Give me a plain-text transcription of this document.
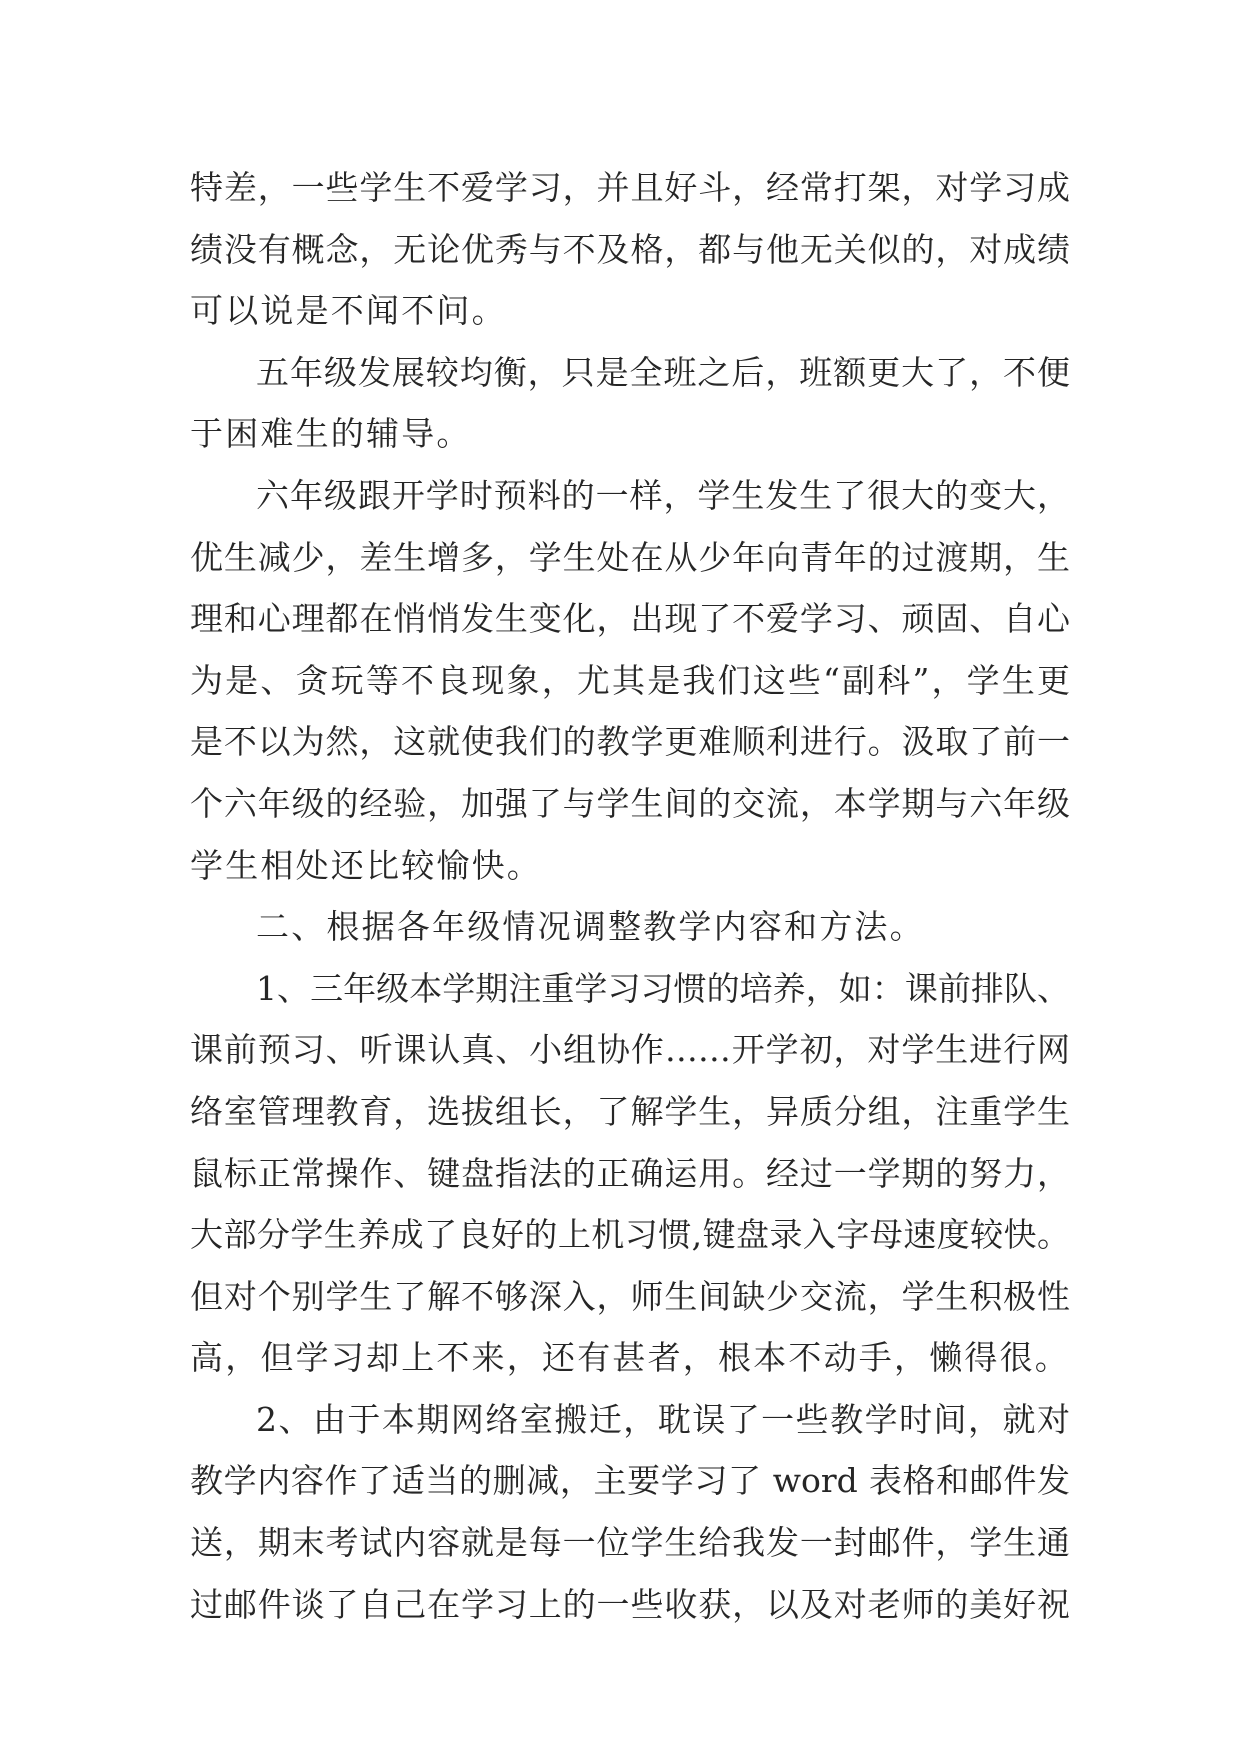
特差，一些学生不爱学习，并且好斗，经常打架，对学习成
绩没有概念，无论优秀与不及格，都与他无关似的，对成绩
可以说是不闻不问。
五年级发展较均衡，只是全班之后，班额更大了，不便
于困难生的辅导。
六年级跟开学时预料的一样，学生发生了很大的变大，
优生减少，差生增多，学生处在从少年向青年的过渡期，生
理和心理都在悄悄发生变化，出现了不爱学习、顽固、自心
为是、贪玩等不良现象，尤其是我们这些“副科”，学生更
是不以为然，这就使我们的教学更难顺利进行。汲取了前一
个六年级的经验，加强了与学生间的交流，本学期与六年级
学生相处还比较愉快。
二、根据各年级情况调整教学内容和方法。
1、三年级本学期注重学习习惯的培养，如：课前排队、
课前预习、听课认真、小组协作……开学初，对学生进行网
络室管理教育，选拔组长，了解学生，异质分组，注重学生
鼠标正常操作、键盘指法的正确运用。经过一学期的努力，
大部分学生养成了良好的上机习惯,键盘录入字母速度较快。
但对个别学生了解不够深入，师生间缺少交流，学生积极性
高，但学习却上不来，还有甚者，根本不动手，懒得很。
2、由于本期网络室搬迁，耽误了一些教学时间，就对
教学内容作了适当的删减，主要学习了 word 表格和邮件发
送，期末考试内容就是每一位学生给我发一封邮件，学生通
过邮件谈了自己在学习上的一些收获，以及对老师的美好祝
